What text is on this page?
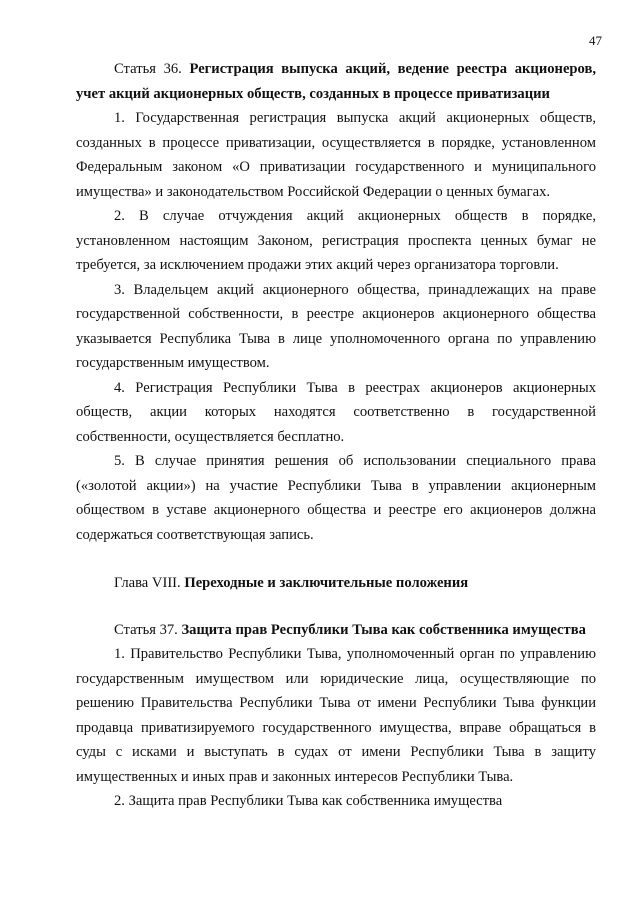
47

Статья 36. Регистрация выпуска акций, ведение реестра акционеров, учет акций акционерных обществ, созданных в процессе приватизации

1. Государственная регистрация выпуска акций акционерных обществ, созданных в процессе приватизации, осуществляется в порядке, установленном Федеральным законом «О приватизации государственного и муниципального имущества» и законодательством Российской Федерации о ценных бумагах.

2. В случае отчуждения акций акционерных обществ в порядке, установленном настоящим Законом, регистрация проспекта ценных бумаг не требуется, за исключением продажи этих акций через организатора торговли.

3. Владельцем акций акционерного общества, принадлежащих на праве государственной собственности, в реестре акционеров акционерного общества указывается Республика Тыва в лице уполномоченного органа по управлению государственным имуществом.

4. Регистрация Республики Тыва в реестрах акционеров акционерных обществ, акции которых находятся соответственно в государственной собственности, осуществляется бесплатно.

5. В случае принятия решения об использовании специального права («золотой акции») на участие Республики Тыва в управлении акционерным обществом в уставе акционерного общества и реестре его акционеров должна содержаться соответствующая запись.

Глава VIII. Переходные и заключительные положения

Статья 37. Защита прав Республики Тыва как собственника имущества

1. Правительство Республики Тыва, уполномоченный орган по управлению государственным имуществом или юридические лица, осуществляющие по решению Правительства Республики Тыва от имени Республики Тыва функции продавца приватизируемого государственного имущества, вправе обращаться в суды с исками и выступать в судах от имени Республики Тыва в защиту имущественных и иных прав и законных интересов Республики Тыва.

2. Защита прав Республики Тыва как собственника имущества
